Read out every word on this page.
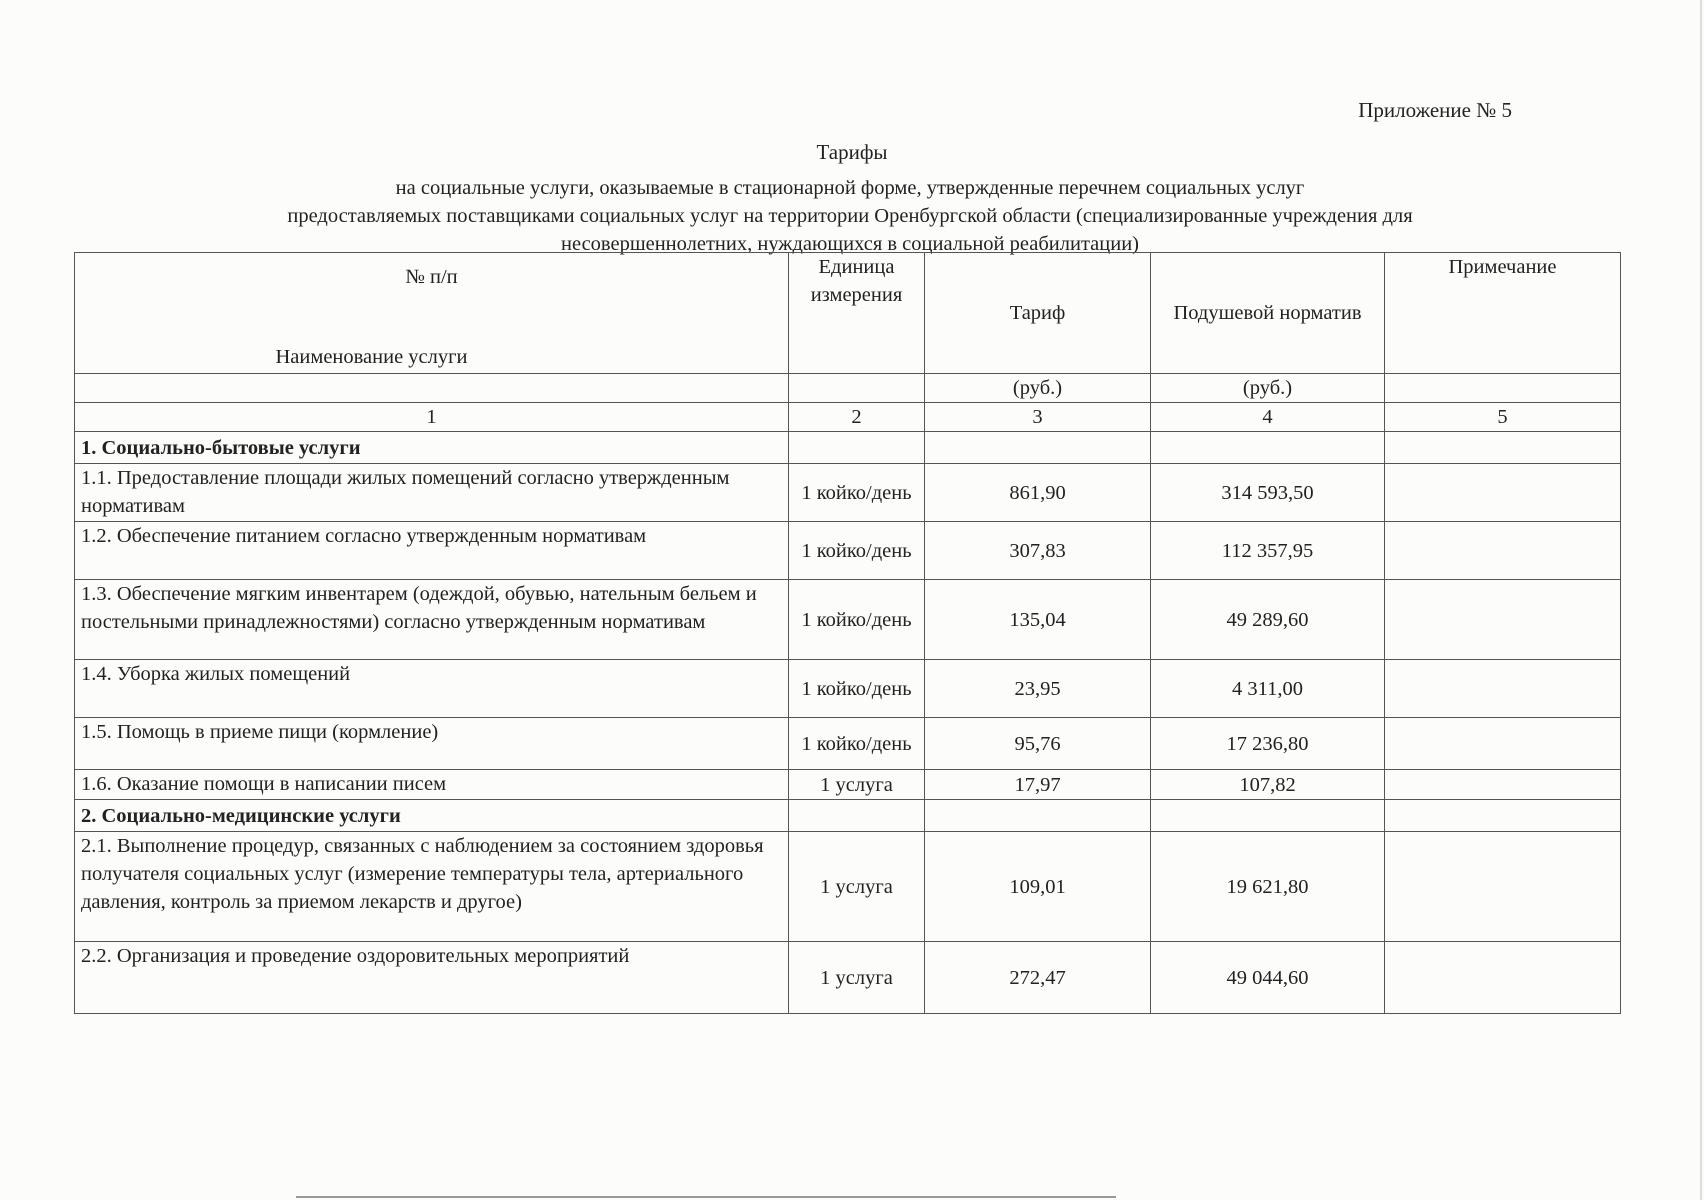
Приложение № 5
Тарифы
на социальные услуги, оказываемые в стационарной форме, утвержденные перечнем социальных услуг
предоставляемых поставщиками социальных услуг на территории Оренбургской области (специализированные учреждения для
несовершеннолетних, нуждающихся в социальной реабилитации)
№ п/п
Наименование услуги	Единица измерения	Тариф	Подушевой норматив	Примечание
		(руб.)	(руб.)	
1	2	3	4	5
1. Социально-бытовые услуги				
1.1. Предоставление площади жилых помещений согласно утвержденным нормативам	1 койко/день	861,90	314 593,50	
1.2. Обеспечение питанием согласно утвержденным нормативам	1 койко/день	307,83	112 357,95	
1.3. Обеспечение мягким инвентарем (одеждой, обувью, нательным бельем и постельными принадлежностями) согласно утвержденным нормативам	1 койко/день	135,04	49 289,60	
1.4. Уборка жилых помещений	1 койко/день	23,95	4 311,00	
1.5. Помощь в приеме пищи (кормление)	1 койко/день	95,76	17 236,80	
1.6. Оказание помощи в написании писем	1 услуга	17,97	107,82	
2. Социально-медицинские услуги				
2.1. Выполнение процедур, связанных с наблюдением за состоянием здоровья получателя социальных услуг (измерение температуры тела, артериального давления, контроль за приемом лекарств и другое)	1 услуга	109,01	19 621,80	
2.2. Организация и проведение оздоровительных мероприятий	1 услуга	272,47	49 044,60	
